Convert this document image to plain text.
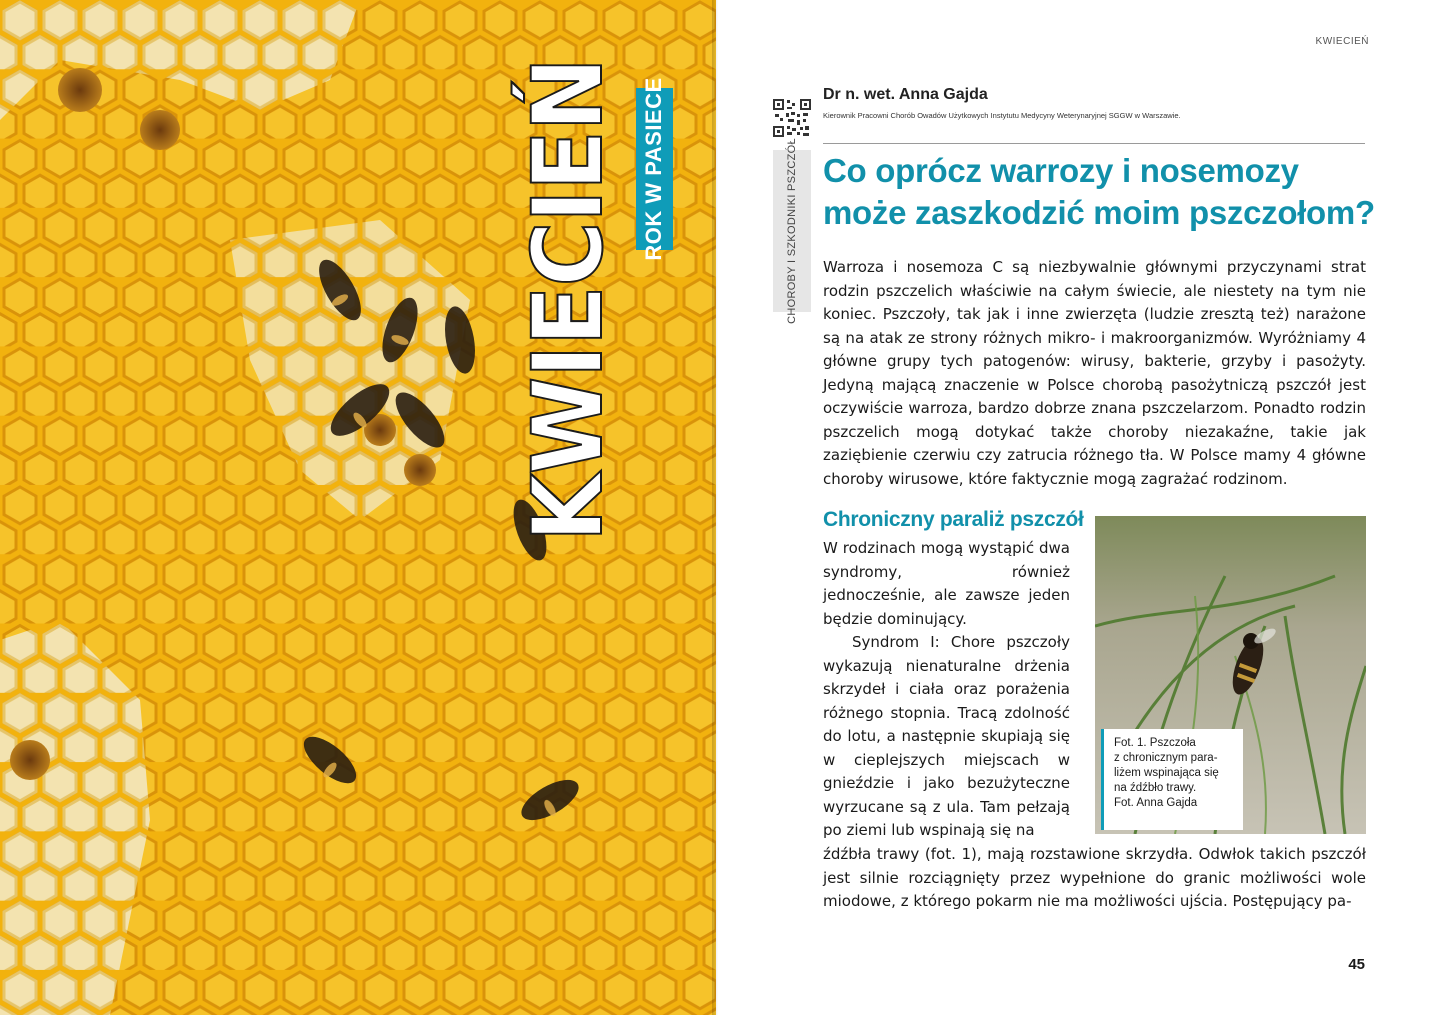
KWIECIEŃ ROK W PASIECE
KWIECIEŃ
CHOROBY I SZKODNIKI PSZCZÓŁ
Dr n. wet. Anna Gajda
Kierownik Pracowni Chorób Owadów Użytkowych Instytutu Medycyny Weterynaryjnej SGGW w Warszawie.
Co oprócz warrozy i nosemozy może zaszkodzić moim pszczołom?

Warroza i nosemoza C są niezbywalnie głównymi przyczynami strat rodzin pszczelich właściwie na całym świecie, ale niestety na tym nie koniec. Pszczoły, tak jak i inne zwierzęta (ludzie zresztą też) narażone są na atak ze strony różnych mikro- i makroorganizmów. Wyróżniamy 4 główne grupy tych patogenów: wirusy, bakterie, grzyby i pasożyty. Jedyną mającą znaczenie w Polsce chorobą pasożytniczą pszczół jest oczywiście warroza, bardzo dobrze znana pszczelarzom. Ponadto rodzin pszczelich mogą dotykać także choroby niezakaźne, takie jak zaziębienie czerwiu czy zatrucia różnego tła. W Polsce mamy 4 główne choroby wirusowe, które faktycznie mogą zagrażać rodzinom.

Chroniczny paraliż pszczół

W rodzinach mogą wystąpić dwa syndromy, również jednocześnie, ale zawsze jeden będzie dominujący.

Syndrom I: Chore pszczoły wykazują nienaturalne drżenia skrzydeł i ciała oraz porażenia różnego stopnia. Tracą zdolność do lotu, a następnie skupiają się w cieplejszych miejscach w gnieździe i jako bezużyteczne wyrzucane są z ula. Tam pełzają po ziemi lub wspinają się na

źdźbła trawy (fot. 1), mają rozstawione skrzydła. Odwłok takich pszczół jest silnie rozciągnięty przez wypełnione do granic możliwości wole miodowe, z którego pokarm nie ma możliwości ujścia. Postępujący pa-

Fot. 1. Pszczoła
z chronicznym para-
liżem wspinająca się
na źdźbło trawy.
Fot. Anna Gajda
45
